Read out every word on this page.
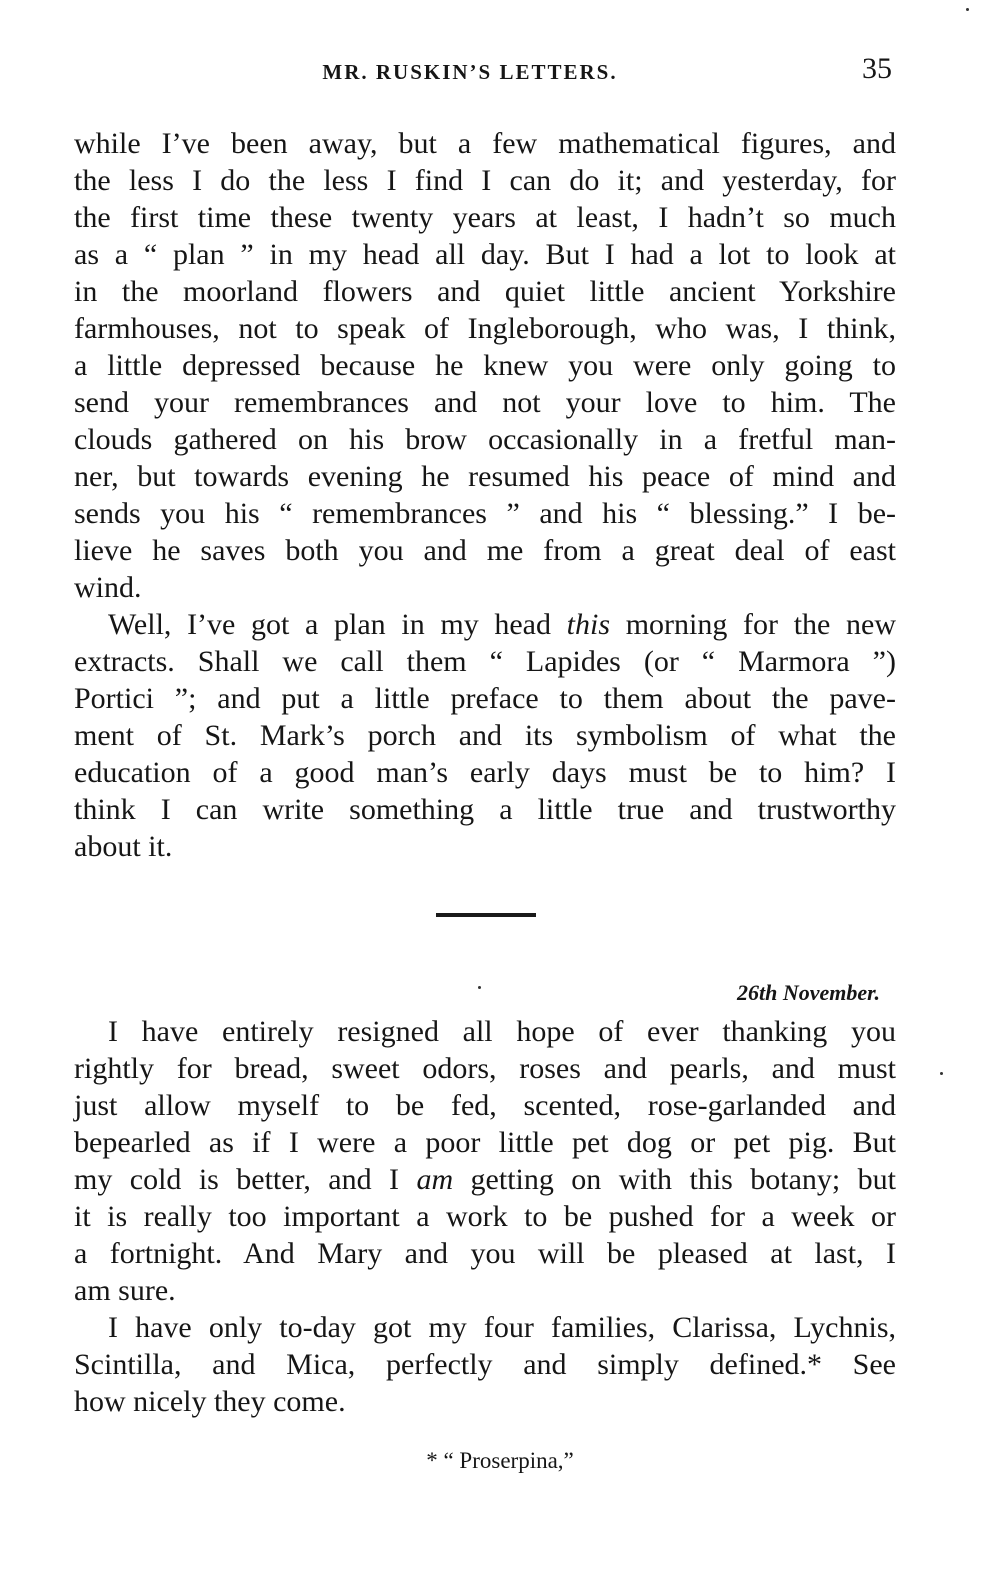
MR. RUSKIN’S LETTERS.	35
while I’ve been away, but a few mathematical figures, and
the less I do the less I find I can do it; and yesterday, for
the first time these twenty years at least, I hadn’t so much
as a “ plan ” in my head all day. But I had a lot to look at
in the moorland flowers and quiet little ancient Yorkshire
farmhouses, not to speak of Ingleborough, who was, I think,
a little depressed because he knew you were only going to
send your remembrances and not your love to him. The
clouds gathered on his brow occasionally in a fretful man-
ner, but towards evening he resumed his peace of mind and
sends you his “ remembrances ” and his “ blessing.” I be-
lieve he saves both you and me from a great deal of east
wind.
Well, I’ve got a plan in my head this morning for the new
extracts. Shall we call them “ Lapides (or “ Marmora ”)
Portici ”; and put a little preface to them about the pave-
ment of St. Mark’s porch and its symbolism of what the
education of a good man’s early days must be to him? I
think I can write something a little true and trustworthy
about it.
26th November.
I have entirely resigned all hope of ever thanking you
rightly for bread, sweet odors, roses and pearls, and must
just allow myself to be fed, scented, rose-garlanded and
bepearled as if I were a poor little pet dog or pet pig. But
my cold is better, and I am getting on with this botany; but
it is really too important a work to be pushed for a week or
a fortnight. And Mary and you will be pleased at last, I
am sure.
I have only to-day got my four families, Clarissa, Lychnis,
Scintilla, and Mica, perfectly and simply defined.* See
how nicely they come.
* “ Proserpina,”
